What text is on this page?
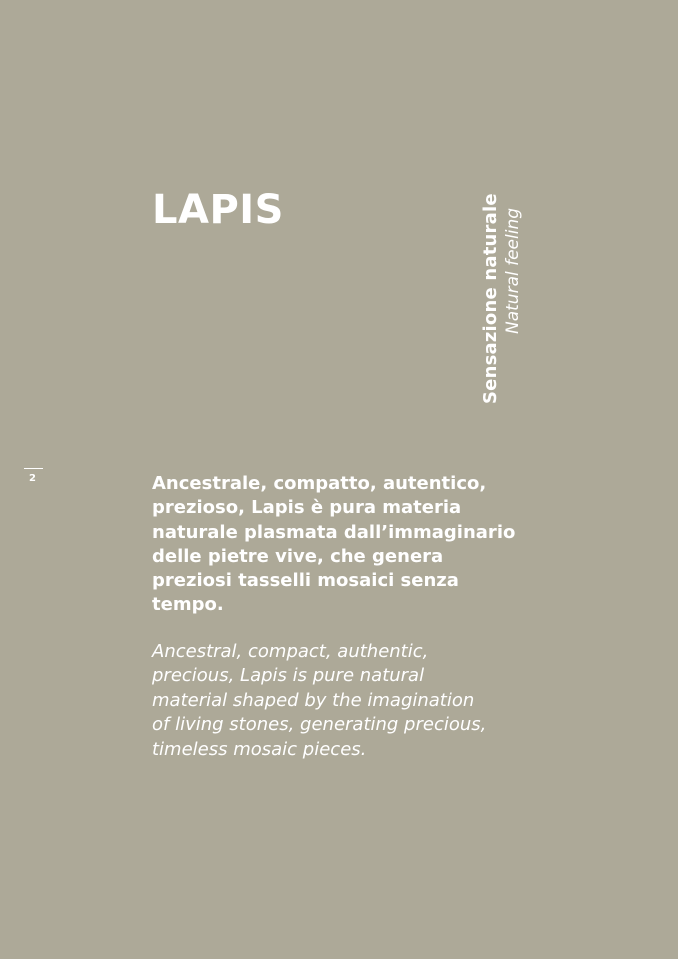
LAPIS	Sensazione naturale Natural feeling
2	Ancestrale, compatto, autentico,
prezioso, Lapis è pura materia
naturale plasmata dall’immaginario
delle pietre vive, che genera
preziosi tasselli mosaici senza
tempo.

Ancestral, compact, authentic,
precious, Lapis is pure natural
material shaped by the imagination
of living stones, generating precious,
timeless mosaic pieces.
